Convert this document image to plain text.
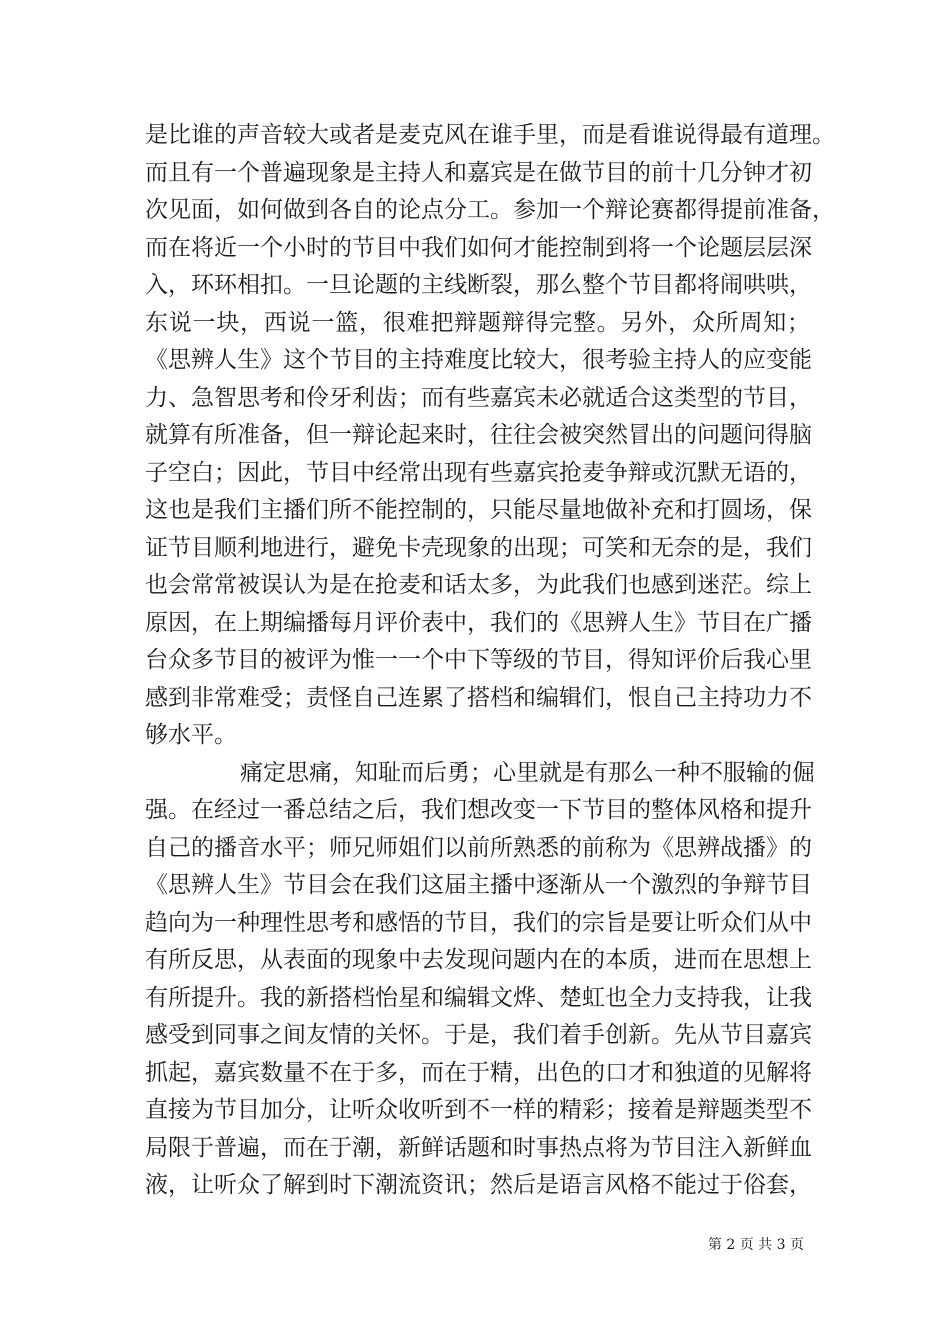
是比谁的声音较大或者是麦克风在谁手里，而是看谁说得最有道理。
而且有一个普遍现象是主持人和嘉宾是在做节目的前十几分钟才初
次见面，如何做到各自的论点分工。参加一个辩论赛都得提前准备，
而在将近一个小时的节目中我们如何才能控制到将一个论题层层深
入，环环相扣。一旦论题的主线断裂，那么整个节目都将闹哄哄，
东说一块，西说一篮，很难把辩题辩得完整。另外，众所周知；
《思辨人生》这个节目的主持难度比较大，很考验主持人的应变能
力、急智思考和伶牙利齿；而有些嘉宾未必就适合这类型的节目，
就算有所准备，但一辩论起来时，往往会被突然冒出的问题问得脑
子空白；因此，节目中经常出现有些嘉宾抢麦争辩或沉默无语的，
这也是我们主播们所不能控制的，只能尽量地做补充和打圆场，保
证节目顺利地进行，避免卡壳现象的出现；可笑和无奈的是，我们
也会常常被误认为是在抢麦和话太多，为此我们也感到迷茫。综上
原因，在上期编播每月评价表中，我们的《思辨人生》节目在广播
台众多节目的被评为惟一一个中下等级的节目，得知评价后我心里
感到非常难受；责怪自己连累了搭档和编辑们，恨自己主持功力不
够水平。
痛定思痛，知耻而后勇；心里就是有那么一种不服输的倔
强。在经过一番总结之后，我们想改变一下节目的整体风格和提升
自己的播音水平；师兄师姐们以前所熟悉的前称为《思辨战播》的
《思辨人生》节目会在我们这届主播中逐渐从一个激烈的争辩节目
趋向为一种理性思考和感悟的节目，我们的宗旨是要让听众们从中
有所反思，从表面的现象中去发现问题内在的本质，进而在思想上
有所提升。我的新搭档怡星和编辑文烨、楚虹也全力支持我，让我
感受到同事之间友情的关怀。于是，我们着手创新。先从节目嘉宾
抓起，嘉宾数量不在于多，而在于精，出色的口才和独道的见解将
直接为节目加分，让听众收听到不一样的精彩；接着是辩题类型不
局限于普遍，而在于潮，新鲜话题和时事热点将为节目注入新鲜血
液，让听众了解到时下潮流资讯；然后是语言风格不能过于俗套，
第 2 页 共 3 页
